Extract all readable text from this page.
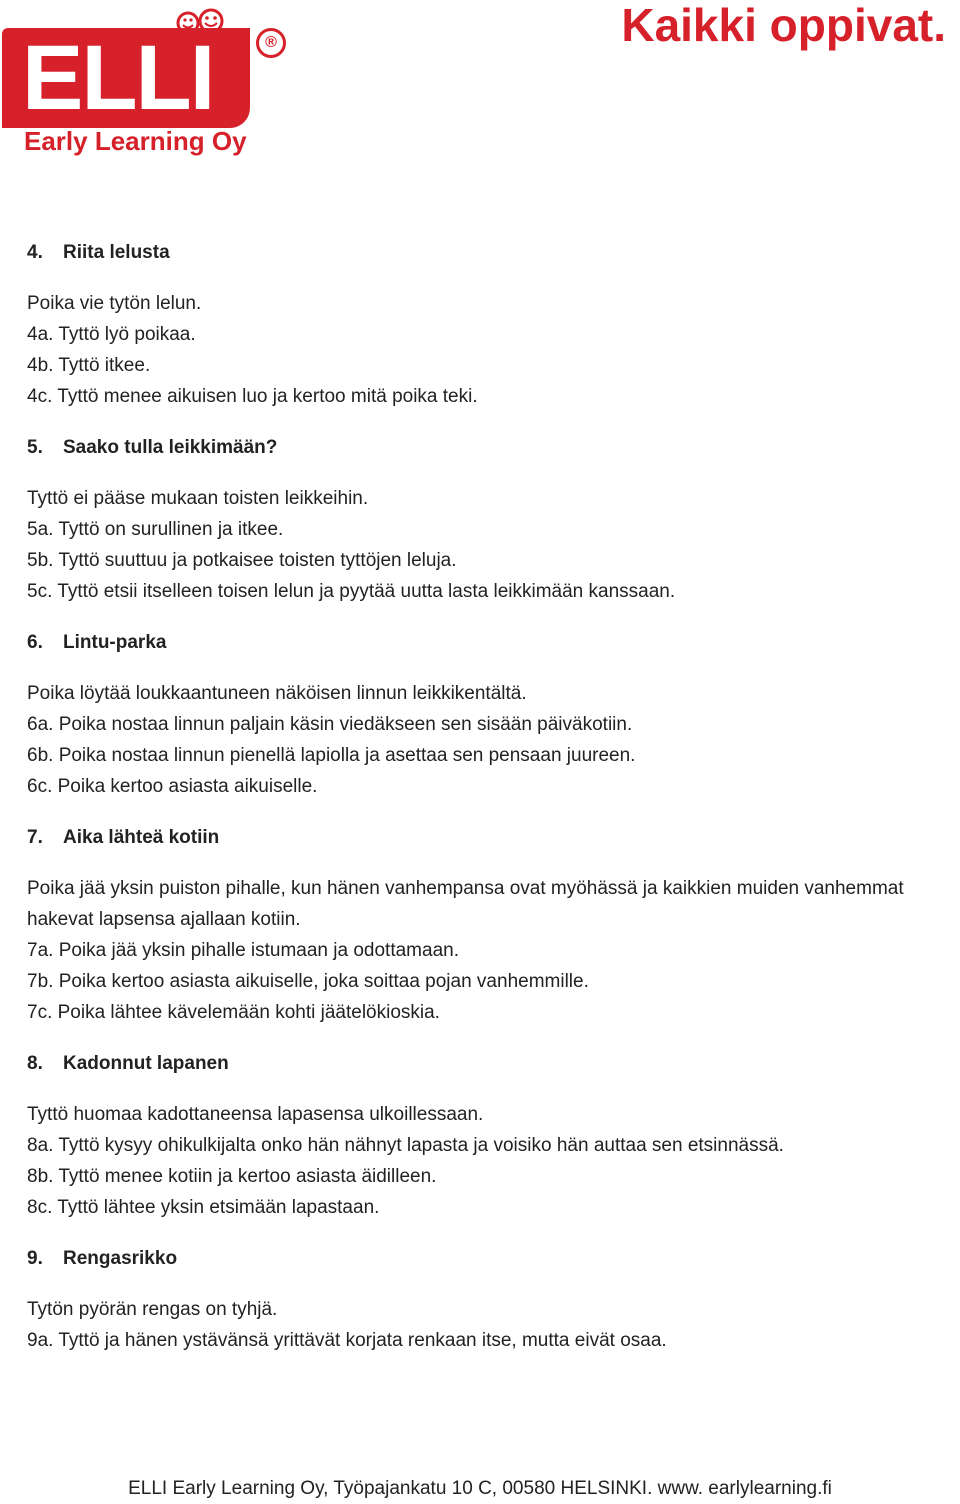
ELLI	®
Early Learning Oy
Kaikki oppivat.
4. Riita lelusta

Poika vie tytön lelun.

4a. Tyttö lyö poikaa.

4b. Tyttö itkee.

4c. Tyttö menee aikuisen luo ja kertoo mitä poika teki.

5. Saako tulla leikkimään?

Tyttö ei pääse mukaan toisten leikkeihin.

5a. Tyttö on surullinen ja itkee.

5b. Tyttö suuttuu ja potkaisee toisten tyttöjen leluja.

5c. Tyttö etsii itselleen toisen lelun ja pyytää uutta lasta leikkimään kanssaan.

6. Lintu-parka

Poika löytää loukkaantuneen näköisen linnun leikkikentältä.

6a. Poika nostaa linnun paljain käsin viedäkseen sen sisään päiväkotiin.

6b. Poika nostaa linnun pienellä lapiolla ja asettaa sen pensaan juureen.

6c. Poika kertoo asiasta aikuiselle.

7. Aika lähteä kotiin

Poika jää yksin puiston pihalle, kun hänen vanhempansa ovat myöhässä ja kaikkien muiden vanhemmat hakevat lapsensa ajallaan kotiin.

7a. Poika jää yksin pihalle istumaan ja odottamaan.

7b. Poika kertoo asiasta aikuiselle, joka soittaa pojan vanhemmille.

7c. Poika lähtee kävelemään kohti jäätelökioskia.

8. Kadonnut lapanen

Tyttö huomaa kadottaneensa lapasensa ulkoillessaan.

8a. Tyttö kysyy ohikulkijalta onko hän nähnyt lapasta ja voisiko hän auttaa sen etsinnässä.

8b. Tyttö menee kotiin ja kertoo asiasta äidilleen.

8c. Tyttö lähtee yksin etsimään lapastaan.

9. Rengasrikko

Tytön pyörän rengas on tyhjä.

9a. Tyttö ja hänen ystävänsä yrittävät korjata renkaan itse, mutta eivät osaa.

ELLI Early Learning Oy, Työpajankatu 10 C, 00580 HELSINKI. www. earlylearning.fi
